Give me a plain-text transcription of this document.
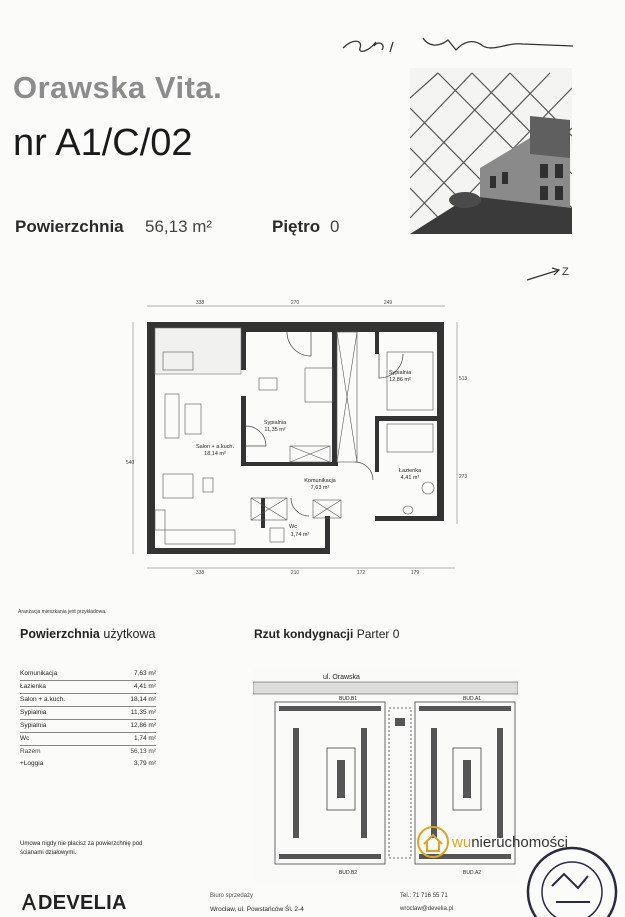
Orawska Vita.
nr A1/C/02
Powierzchnia 56,13 m²	Piętro 0
Z
338	270	249
338	210	172	179
540
513
273
Salon + a.kuch.
18,14 m²
Sypialnia
11,35 m²
Sypialnia
12,86 m²
Komunikacja
7,63 m²
Łazienka
4,41 m²
Wc
1,74 m²
Aranżacja mieszkania jest przykładowa.
Powierzchnia użytkowa	Rzut kondygnacji Parter 0
Komunikacja	7,63 m²
Łazienka	4,41 m²
Salon + a.kuch.	18,14 m²
Sypialnia	11,35 m²
Sypialnia	12,86 m²
Wc	1,74 m²
Razem	56,13 m²
+Loggia	3,79 m²
ul. Orawska
BUD.B1	BUD.A1
BUD.B2	BUD.A2
Umowa nigdy nie płacisz za powierzchnię pod ścianami działowymi.
DEVELIA	Biuro sprzedaży
Wrocław, ul. Powstańców Śl. 2-4
Tel.: 71 716 55 71
wroclaw@develia.pl
wunieruchomości
